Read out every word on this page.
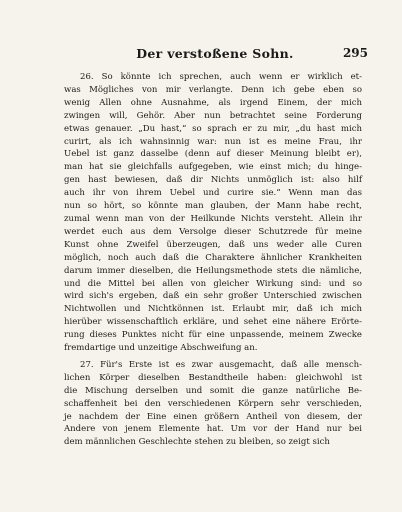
Der verstoßene Sohn.	295
26. So könnte ich sprechen, auch wenn er wirklich et-
was Mögliches von mir verlangte. Denn ich gebe eben so
wenig Allen ohne Ausnahme, als irgend Einem, der mich
zwingen will, Gehör. Aber nun betrachtet seine Forderung
etwas genauer. „Du hast,“ so sprach er zu mir, „du hast mich
curirt, als ich wahnsinnig war: nun ist es meine Frau, ihr
Uebel ist ganz dasselbe (denn auf dieser Meinung bleibt er),
man hat sie gleichfalls aufgegeben, wie einst mich; du hinge-
gen hast bewiesen, daß dir Nichts unmöglich ist: also hilf
auch ihr von ihrem Uebel und curire sie.“ Wenn man das
nun so hört, so könnte man glauben, der Mann habe recht,
zumal wenn man von der Heilkunde Nichts versteht. Allein ihr
werdet euch aus dem Versolge dieser Schutzrede für meine
Kunst ohne Zweifel überzeugen, daß uns weder alle Curen
möglich, noch auch daß die Charaktere ähnlicher Krankheiten
darum immer dieselben, die Heilungsmethode stets die nämliche,
und die Mittel bei allen von gleicher Wirkung sind: und so
wird sich's ergeben, daß ein sehr großer Unterschied zwischen
Nichtwollen und Nichtkönnen ist. Erlaubt mir, daß ich mich
hierüber wissenschaftlich erkläre, und sehet eine nähere Erörte-
rung dieses Punktes nicht für eine unpassende, meinem Zwecke
fremdartige und unzeitige Abschweifung an.
27. Für's Erste ist es zwar ausgemacht, daß alle mensch-
lichen Körper dieselben Bestandtheile haben: gleichwohl ist
die Mischung derselben und somit die ganze natürliche Be-
schaffenheit bei den verschiedenen Körpern sehr verschieden,
je nachdem der Eine einen größern Antheil von diesem, der
Andere von jenem Elemente hat. Um vor der Hand nur bei
dem männlichen Geschlechte stehen zu bleiben, so zeigt sich
